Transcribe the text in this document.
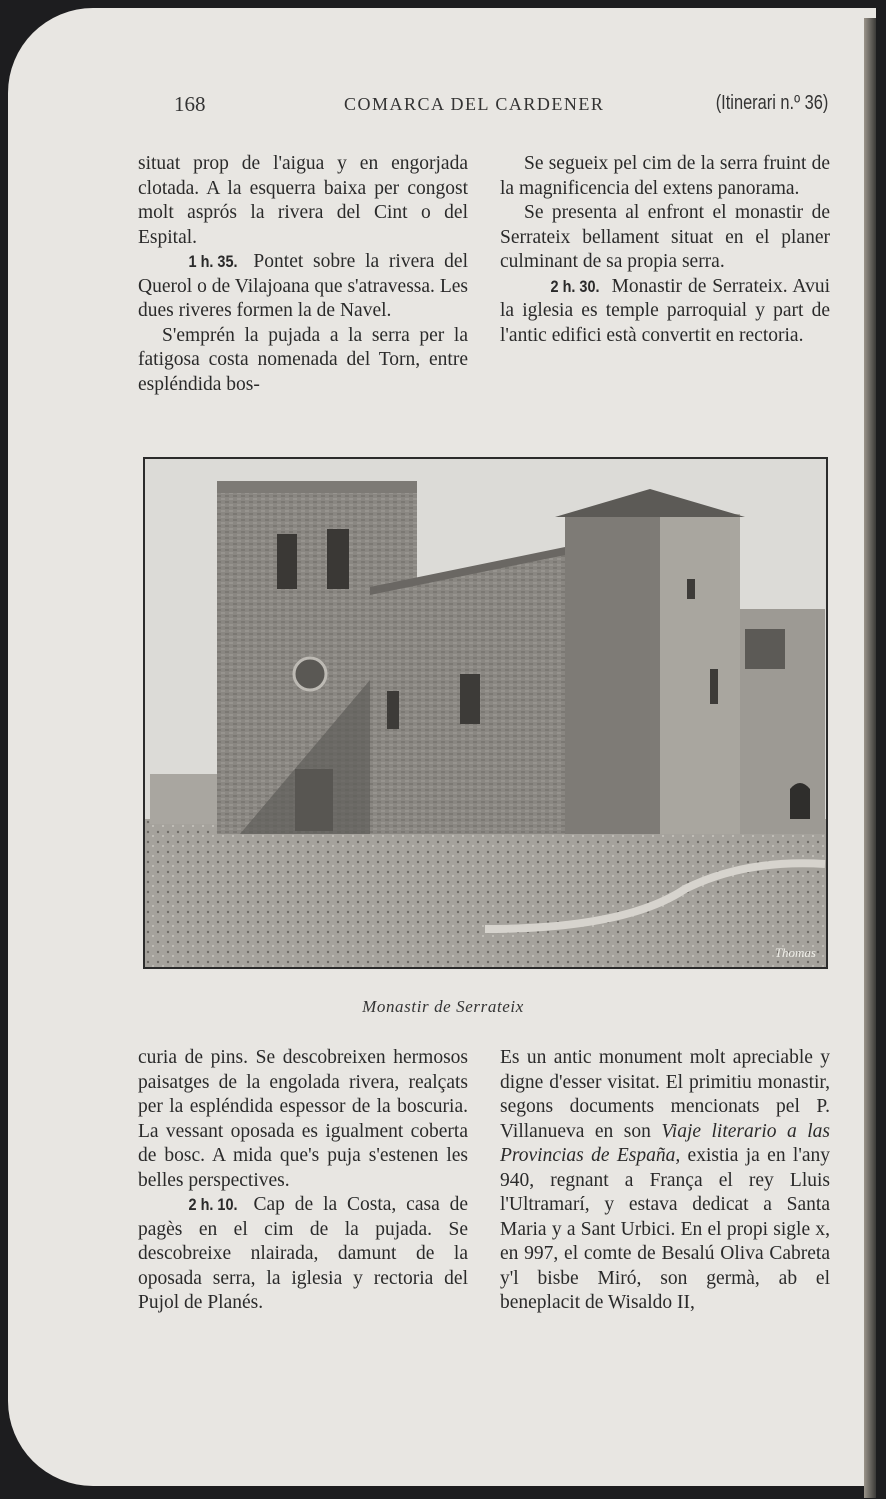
168	COMARCA DEL CARDENER	(Itinerari n.º 36)

situat prop de l'aigua y en engorjada clotada. A la esquerra baixa per congost molt asprós la rivera del Cint o del Espital.

1 h. 35. Pontet sobre la rivera del Querol o de Vilajoana que s'atravessa. Les dues riveres formen la de Navel.

S'emprén la pujada a la serra per la fatigosa costa nomenada del Torn, entre espléndida bos-

Se segueix pel cim de la serra fruint de la magnificencia del extens panorama.

Se presenta al enfront el monastir de Serrateix bellament situat en el planer culminant de sa propia serra.

2 h. 30. Monastir de Serrateix. Avui la iglesia es temple parroquial y part de l'antic edifici està convertit en rectoria.

Thomas
Monastir de Serrateix

curia de pins. Se descobreixen hermosos paisatges de la engolada rivera, realçats per la espléndida espessor de la boscuria. La vessant oposada es igualment coberta de bosc. A mida que's puja s'estenen les belles perspectives.

2 h. 10. Cap de la Costa, casa de pagès en el cim de la pujada. Se descobreixe nlairada, damunt de la oposada serra, la iglesia y rectoria del Pujol de Planés.

Es un antic monument molt apreciable y digne d'esser visitat. El primitiu monastir, segons documents mencionats pel P. Villanueva en son Viaje literario a las Provincias de España, existia ja en l'any 940, regnant a França el rey Lluis l'Ultramarí, y estava dedicat a Santa Maria y a Sant Urbici. En el propi sigle x, en 997, el comte de Besalú Oliva Cabreta y'l bisbe Miró, son germà, ab el beneplacit de Wisaldo II,
